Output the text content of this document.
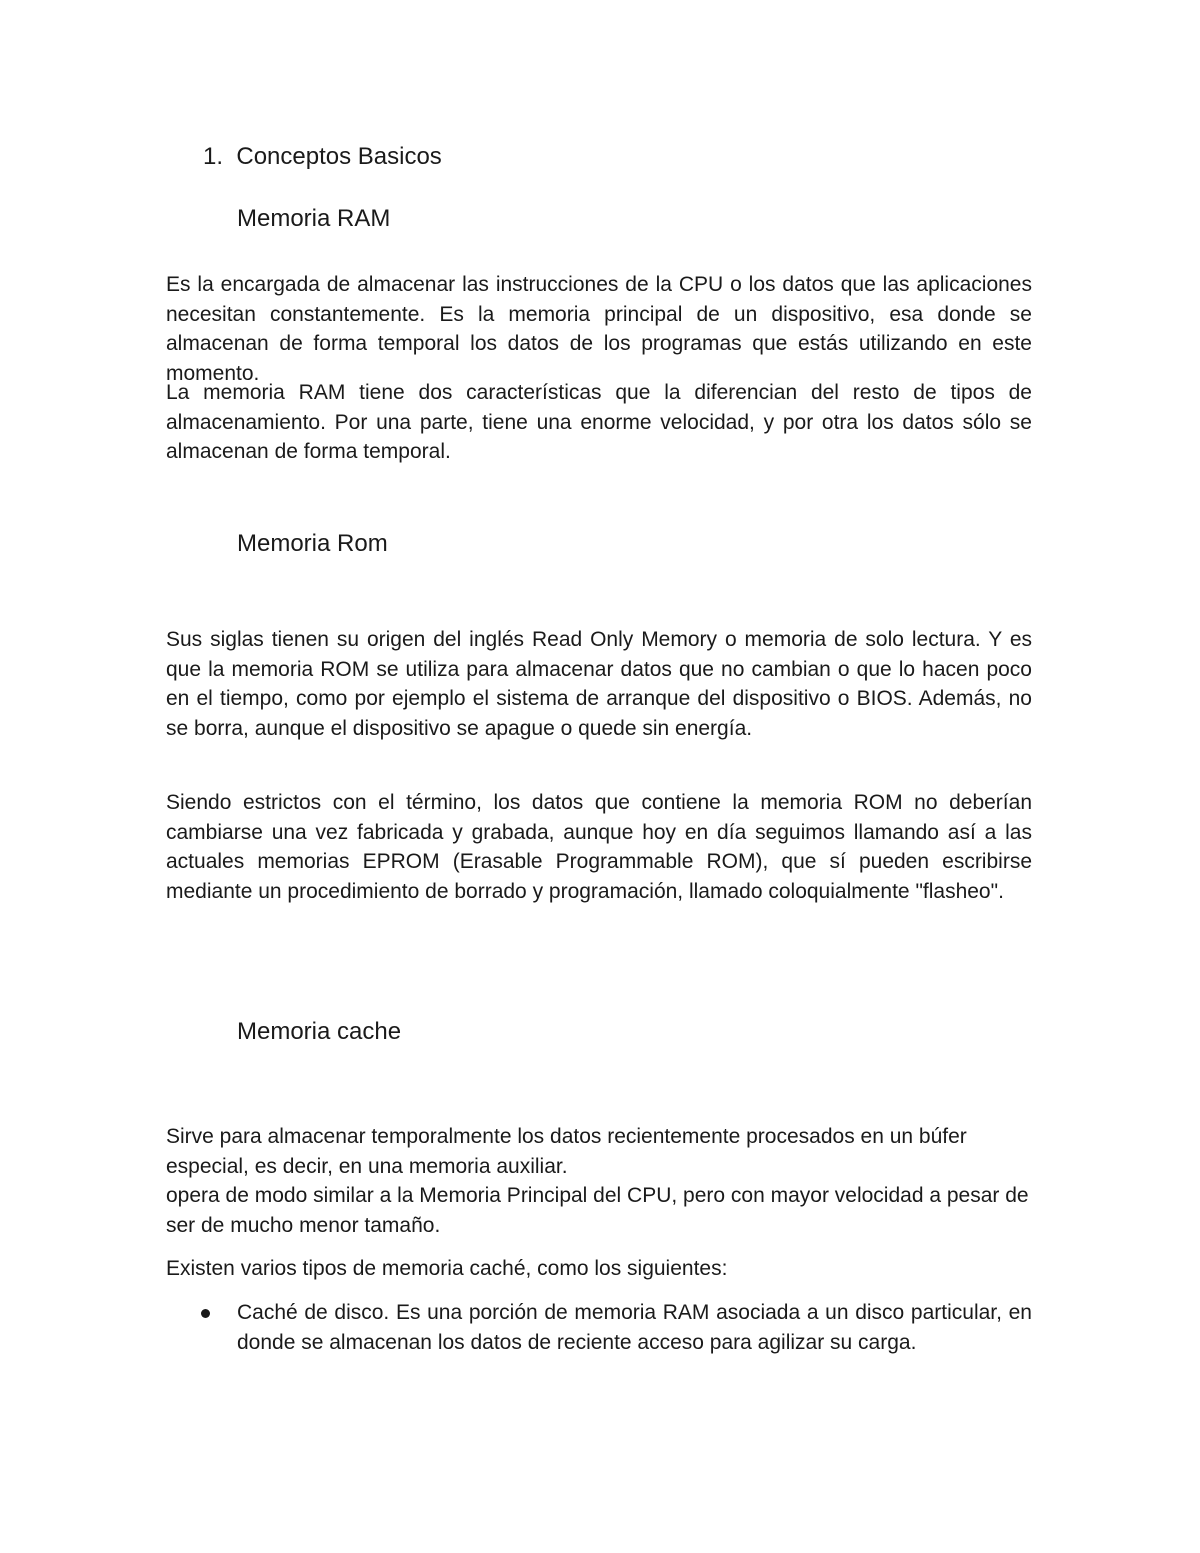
1. Conceptos Basicos
Memoria RAM

Es la encargada de almacenar las instrucciones de la CPU o los datos que las aplicaciones necesitan constantemente. Es la memoria principal de un dispositivo, esa donde se almacenan de forma temporal los datos de los programas que estás utilizando en este momento.

La memoria RAM tiene dos características que la diferencian del resto de tipos de almacenamiento. Por una parte, tiene una enorme velocidad, y por otra los datos sólo se almacenan de forma temporal.

Memoria Rom

Sus siglas tienen su origen del inglés Read Only Memory o memoria de solo lectura. Y es que la memoria ROM se utiliza para almacenar datos que no cambian o que lo hacen poco en el tiempo, como por ejemplo el sistema de arranque del dispositivo o BIOS. Además, no se borra, aunque el dispositivo se apague o quede sin energía.

Siendo estrictos con el término, los datos que contiene la memoria ROM no deberían cambiarse una vez fabricada y grabada, aunque hoy en día seguimos llamando así a las actuales memorias EPROM (Erasable Programmable ROM), que sí pueden escribirse mediante un procedimiento de borrado y programación, llamado coloquialmente "flasheo".

Memoria cache

Sirve para almacenar temporalmente los datos recientemente procesados en un búfer especial, es decir, en una memoria auxiliar.

opera de modo similar a la Memoria Principal del CPU, pero con mayor velocidad a pesar de ser de mucho menor tamaño.

Existen varios tipos de memoria caché, como los siguientes:

Caché de disco. Es una porción de memoria RAM asociada a un disco particular, en donde se almacenan los datos de reciente acceso para agilizar su carga.
